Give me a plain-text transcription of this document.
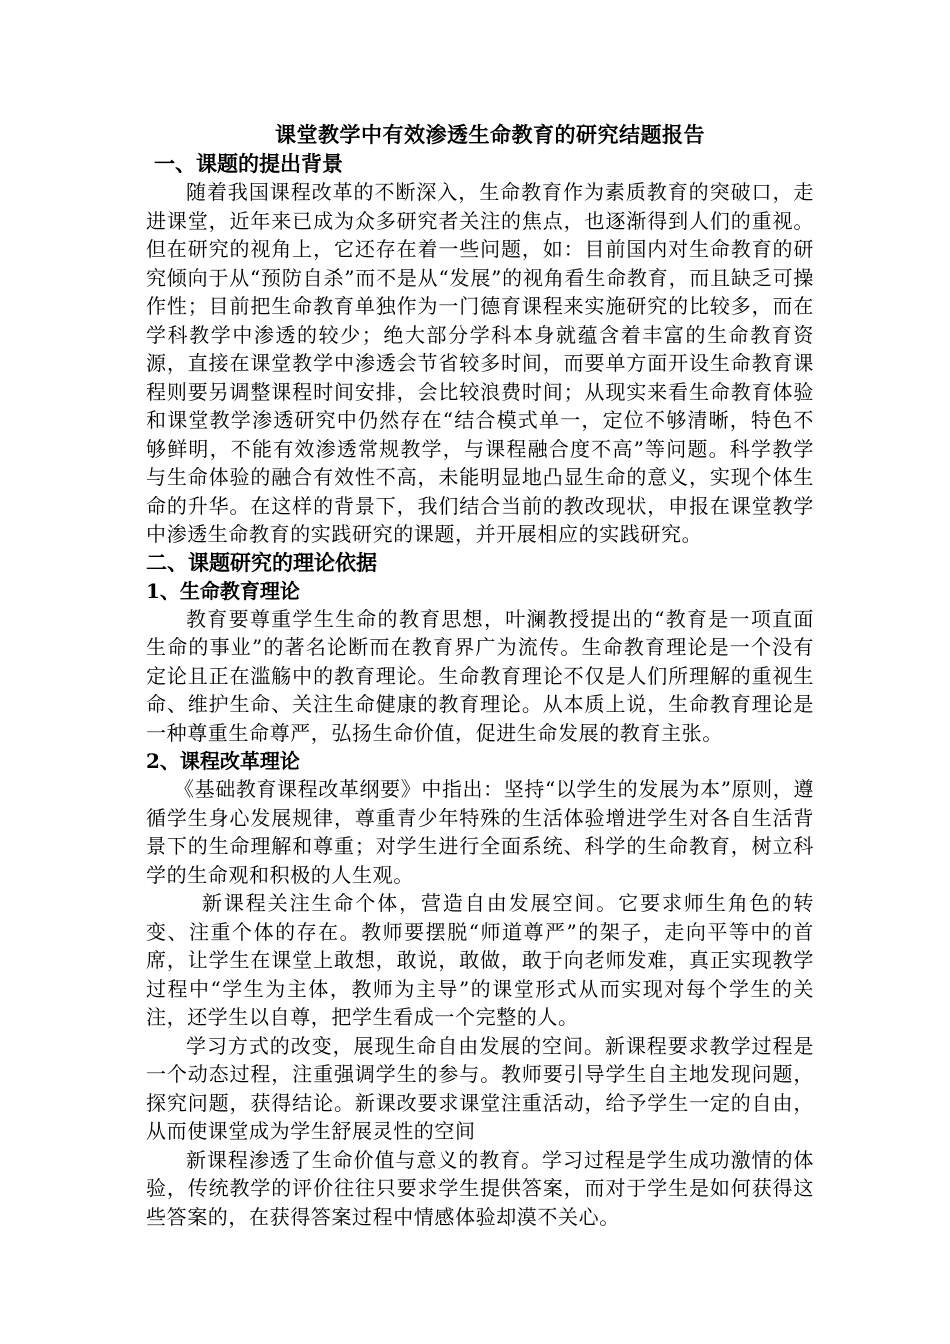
课堂教学中有效渗透生命教育的研究结题报告
一、课题的提出背景

随着我国课程改革的不断深入，生命教育作为素质教育的突破口，走进课堂，近年来已成为众多研究者关注的焦点，也逐渐得到人们的重视。但在研究的视角上，它还存在着一些问题，如：目前国内对生命教育的研究倾向于从“预防自杀”而不是从“发展”的视角看生命教育，而且缺乏可操作性；目前把生命教育单独作为一门德育课程来实施研究的比较多，而在学科教学中渗透的较少；绝大部分学科本身就蕴含着丰富的生命教育资源，直接在课堂教学中渗透会节省较多时间，而要单方面开设生命教育课程则要另调整课程时间安排，会比较浪费时间；从现实来看生命教育体验和课堂教学渗透研究中仍然存在“结合模式单一，定位不够清晰，特色不够鲜明，不能有效渗透常规教学，与课程融合度不高”等问题。科学教学与生命体验的融合有效性不高，未能明显地凸显生命的意义，实现个体生命的升华。在这样的背景下，我们结合当前的教改现状，申报在课堂教学中渗透生命教育的实践研究的课题，并开展相应的实践研究。

二、课题研究的理论依据
1、生命教育理论

教育要尊重学生生命的教育思想，叶澜教授提出的“教育是一项直面生命的事业”的著名论断而在教育界广为流传。生命教育理论是一个没有定论且正在滥觞中的教育理论。生命教育理论不仅是人们所理解的重视生命、维护生命、关注生命健康的教育理论。从本质上说，生命教育理论是一种尊重生命尊严，弘扬生命价值，促进生命发展的教育主张。

2、课程改革理论

《基础教育课程改革纲要》中指出：坚持“以学生的发展为本”原则，遵循学生身心发展规律，尊重青少年特殊的生活体验增进学生对各自生活背景下的生命理解和尊重；对学生进行全面系统、科学的生命教育，树立科学的生命观和积极的人生观。

新课程关注生命个体，营造自由发展空间。它要求师生角色的转变、注重个体的存在。教师要摆脱“师道尊严”的架子，走向平等中的首席，让学生在课堂上敢想，敢说，敢做，敢于向老师发难，真正实现教学过程中“学生为主体，教师为主导”的课堂形式从而实现对每个学生的关注，还学生以自尊，把学生看成一个完整的人。

学习方式的改变，展现生命自由发展的空间。新课程要求教学过程是一个动态过程，注重强调学生的参与。教师要引导学生自主地发现问题，探究问题，获得结论。新课改要求课堂注重活动，给予学生一定的自由，从而使课堂成为学生舒展灵性的空间

新课程渗透了生命价值与意义的教育。学习过程是学生成功激情的体验，传统教学的评价往往只要求学生提供答案，而对于学生是如何获得这些答案的，在获得答案过程中情感体验却漠不关心。
